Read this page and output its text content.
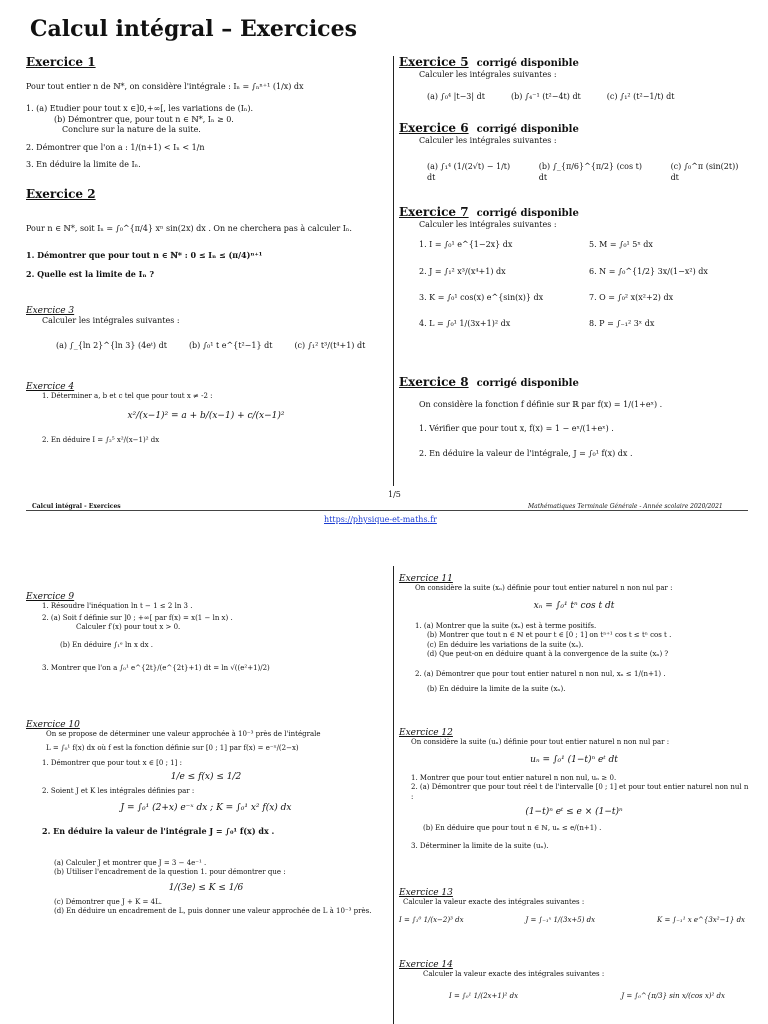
Calcul intégral – Exercices
Exercice 1
Pour tout entier n de ℕ*, on considère l'intégrale : Iₙ = ∫ₙⁿ⁺¹ (1/x) dx
1. (a) Etudier pour tout x ∈]0,+∞[, les variations de (Iₙ).
(b) Démontrer que, pour tout n ∈ ℕ*, Iₙ ≥ 0.
Conclure sur la nature de la suite.
2. Démontrer que l'on a : 1/(n+1) < Iₙ < 1/n
3. En déduire la limite de Iₙ.
Exercice 2
Pour n ∈ ℕ*, soit Iₙ = ∫₀^{π/4} xⁿ sin(2x) dx . On ne cherchera pas à calculer Iₙ.
1. Démontrer que pour tout n ∈ ℕ* : 0 ≤ Iₙ ≤ (π/4)ⁿ⁺¹
2. Quelle est la limite de Iₙ ?
Exercice 3
Calculer les intégrales suivantes :
(a) ∫_{ln 2}^{ln 3} (4eᵗ) dt	(b) ∫₀¹ t e^{t²−1} dt	(c) ∫₁² t³/(t⁴+1) dt
Exercice 4
1. Déterminer a, b et c tel que pour tout x ≠ -2 :
x²/(x−1)² = a + b/(x−1) + c/(x−1)²
2. En déduire I = ∫₂⁵ x²/(x−1)² dx
Exercice 5 corrigé disponible
Calculer les intégrales suivantes :
(a) ∫₀⁴ |t−3| dt	(b) ∫₄⁻¹ (t²−4t) dt	(c) ∫₁² (t²−1/t) dt
Exercice 6 corrigé disponible
Calculer les intégrales suivantes :
(a) ∫₁⁴ (1/(2√t) − 1/t) dt
(b) ∫_{π/6}^{π/2} (cos t) dt
(c) ∫₀^π (sin(2t)) dt
Exercice 7 corrigé disponible
Calculer les intégrales suivantes :
1. I = ∫₀¹ e^{1−2x} dx	5. M = ∫₀¹ 5ˣ dx
2. J = ∫₁² x³/(x⁴+1) dx	6. N = ∫₀^{1/2} 3x/(1−x²) dx
3. K = ∫₀¹ cos(x) e^{sin(x)} dx	7. O = ∫₀² x(x²+2) dx
4. L = ∫₀¹ 1/(3x+1)² dx	8. P = ∫₋₁² 3ˣ dx
Exercice 8 corrigé disponible
On considère la fonction f définie sur ℝ par f(x) = 1/(1+eˣ) .
1. Vérifier que pour tout x, f(x) = 1 − eˣ/(1+eˣ) .
2. En déduire la valeur de l'intégrale, J = ∫₀¹ f(x) dx .
1/5
Calcul intégral - Exercices	Mathématiques Terminale Générale - Année scolaire 2020/2021
https://physique-et-maths.fr
Exercice 9
1. Résoudre l'inéquation ln t − 1 ≤ 2 ln 3 .
2. (a) Soit f définie sur ]0 ; +∞[ par f(x) = x(1 − ln x) .
Calculer f′(x) pour tout x > 0.
(b) En déduire ∫₁ᵉ ln x dx .
3. Montrer que l'on a ∫₀¹ e^{2t}/(e^{2t}+1) dt = ln √((e²+1)/2)
Exercice 10
On se propose de déterminer une valeur approchée à 10⁻³ près de l'intégrale
L = ∫₀¹ f(x) dx où f est la fonction définie sur [0 ; 1] par f(x) = e⁻ˣ/(2−x)
1. Démontrer que pour tout x ∈ [0 ; 1] :
1/e ≤ f(x) ≤ 1/2
2. Soient J et K les intégrales définies par :
J = ∫₀¹ (2+x) e⁻ˣ dx ; K = ∫₀¹ x² f(x) dx
2. En déduire la valeur de l'intégrale J = ∫₀¹ f(x) dx .
(a) Calculer J et montrer que J = 3 − 4e⁻¹ .
(b) Utiliser l'encadrement de la question 1. pour démontrer que :
1/(3e) ≤ K ≤ 1/6
(c) Démontrer que J + K = 4L.
(d) En déduire un encadrement de L, puis donner une valeur approchée de L à 10⁻³ près.
Exercice 11
On considère la suite (xₙ) définie pour tout entier naturel n non nul par :
xₙ = ∫₀¹ tⁿ cos t dt
1. (a) Montrer que la suite (xₙ) est à terme positifs.
(b) Montrer que tout n ∈ ℕ et pour t ∈ [0 ; 1] on tⁿ⁺¹ cos t ≤ tⁿ cos t .
(c) En déduire les variations de la suite (xₙ).
(d) Que peut-on en déduire quant à la convergence de la suite (xₙ) ?
2. (a) Démontrer que pour tout entier naturel n non nul, xₙ ≤ 1/(n+1) .
(b) En déduire la limite de la suite (xₙ).
Exercice 12
On considère la suite (uₙ) définie pour tout entier naturel n non nul par :
uₙ = ∫₀¹ (1−t)ⁿ eᵗ dt
1. Montrer que pour tout entier naturel n non nul, uₙ ≥ 0.
2. (a) Démontrer que pour tout réel t de l'intervalle [0 ; 1] et pour tout entier naturel non nul n :
(1−t)ⁿ eᵗ ≤ e × (1−t)ⁿ
(b) En déduire que pour tout n ∈ ℕ, uₙ ≤ e/(n+1) .
3. Déterminer la limite de la suite (uₙ).
Exercice 13
Calculer la valeur exacte des intégrales suivantes :
I = ∫₁⁰ 1/(x−2)³ dx	J = ∫₋₁ˣ 1/(3x+5) dx	K = ∫₋₁¹ x e^{3x²−1} dx
Exercice 14
Calculer la valeur exacte des intégrales suivantes :
I = ∫₀¹ 1/(2x+1)² dx	J = ∫₀^{π/3} sin x/(cos x)² dx
